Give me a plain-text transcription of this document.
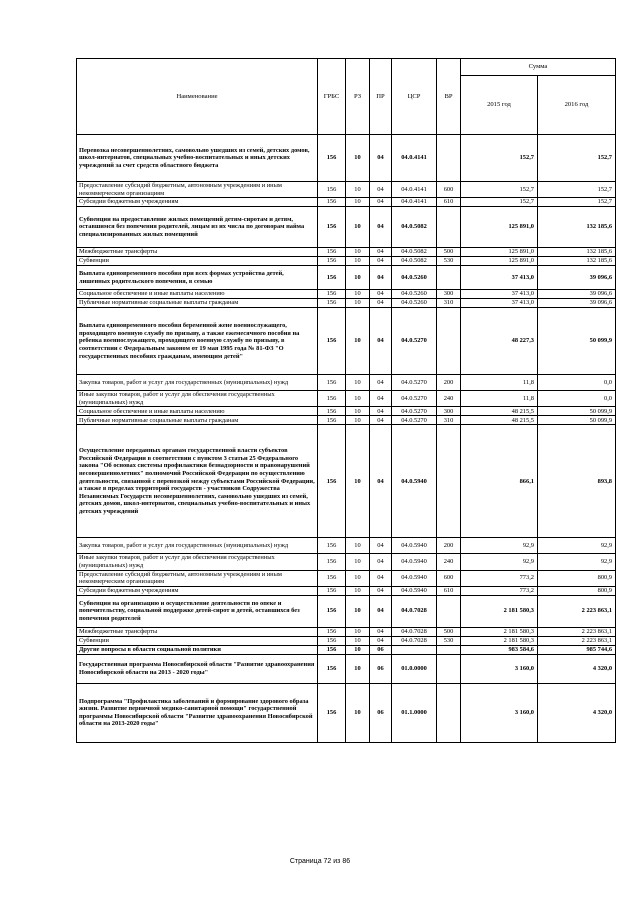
Наименование	ГРБС	РЗ	ПР	ЦСР	ВР	Сумма	
						2015 год	2016 год
Перевозка несовершеннолетних, самовольно ушедших из семей, детских домов, школ-интернатов, специальных учебно-воспитательных и иных детских учреждений за счет средств областного бюджета	156	10	04	04.0.4141		152,7	152,7
Предоставление субсидий бюджетным, автономным учреждениям и иным некоммерческим организациям	156	10	04	04.0.4141	600	152,7	152,7
Субсидии бюджетным учреждениям	156	10	04	04.0.4141	610	152,7	152,7
Субвенции на предоставление жилых помещений детям-сиротам и детям, оставшимся без попечения родителей, лицам из их числа по договорам найма специализированных жилых помещений	156	10	04	04.0.5082		125 891,0	132 185,6
Межбюджетные трансферты	156	10	04	04.0.5082	500	125 891,0	132 185,6
Субвенции	156	10	04	04.0.5082	530	125 891,0	132 185,6
Выплата единовременного пособия при всех формах устройства детей, лишенных родительского попечения, в семью	156	10	04	04.0.5260		37 413,0	39 096,6
Социальное обеспечение и иные выплаты населению	156	10	04	04.0.5260	300	37 413,0	39 096,6
Публичные нормативные социальные выплаты гражданам	156	10	04	04.0.5260	310	37 413,0	39 096,6
Выплата единовременного пособия беременной жене военнослужащего, проходящего военную службу по призыву, а также ежемесячного пособия на ребенка военнослужащего, проходящего военную службу по призыву, в соответствии с Федеральным законом от 19 мая 1995 года № 81-ФЗ "О государственных пособиях гражданам, имеющим детей"	156	10	04	04.0.5270		48 227,3	50 099,9
Закупка товаров, работ и услуг для государственных (муниципальных) нужд	156	10	04	04.0.5270	200	11,8	0,0
Иные закупки товаров, работ и услуг для обеспечения государственных (муниципальных) нужд	156	10	04	04.0.5270	240	11,8	0,0
Социальное обеспечение и иные выплаты населению	156	10	04	04.0.5270	300	48 215,5	50 099,9
Публичные нормативные социальные выплаты гражданам	156	10	04	04.0.5270	310	48 215,5	50 099,9
Осуществление переданных органам государственной власти субъектов Российской Федерации в соответствии с пунктом 3 статьи 25 Федерального закона "Об основах системы профилактики безнадзорности и правонарушений несовершеннолетних" полномочий Российской Федерации по осуществлению деятельности, связанной с перевозкой между субъектами Российской Федерации, а также в пределах территорий государств - участников Содружества Независимых Государств несовершеннолетних, самовольно ушедших из семей, детских домов, школ-интернатов, специальных учебно-воспитательных и иных детских учреждений	156	10	04	04.0.5940		866,1	893,8
Закупка товаров, работ и услуг для государственных (муниципальных) нужд	156	10	04	04.0.5940	200	92,9	92,9
Иные закупки товаров, работ и услуг для обеспечения государственных (муниципальных) нужд	156	10	04	04.0.5940	240	92,9	92,9
Предоставление субсидий бюджетным, автономным учреждениям и иным некоммерческим организациям	156	10	04	04.0.5940	600	773,2	800,9
Субсидии бюджетным учреждениям	156	10	04	04.0.5940	610	773,2	800,9
Субвенции на организацию и осуществление деятельности по опеке и попечительству, социальной поддержке детей-сирот и детей, оставшихся без попечения родителей	156	10	04	04.0.7028		2 181 580,3	2 223 863,1
Межбюджетные трансферты	156	10	04	04.0.7028	500	2 181 580,3	2 223 863,1
Субвенции	156	10	04	04.0.7028	530	2 181 580,3	2 223 863,1
Другие вопросы в области социальной политики	156	10	06			983 584,6	985 744,6
Государственная программа Новосибирской области "Развитие здравоохранения Новосибирской области на 2013 - 2020 годы"	156	10	06	01.0.0000		3 160,0	4 320,0
Подпрограмма "Профилактика заболеваний и формирование здорового образа жизни. Развитие первичной медико-санитарной помощи" государственной программы Новосибирской области "Развитие здравоохранения Новосибирской области на 2013-2020 годы"	156	10	06	01.1.0000		3 160,0	4 320,0
Страница 72 из 86
